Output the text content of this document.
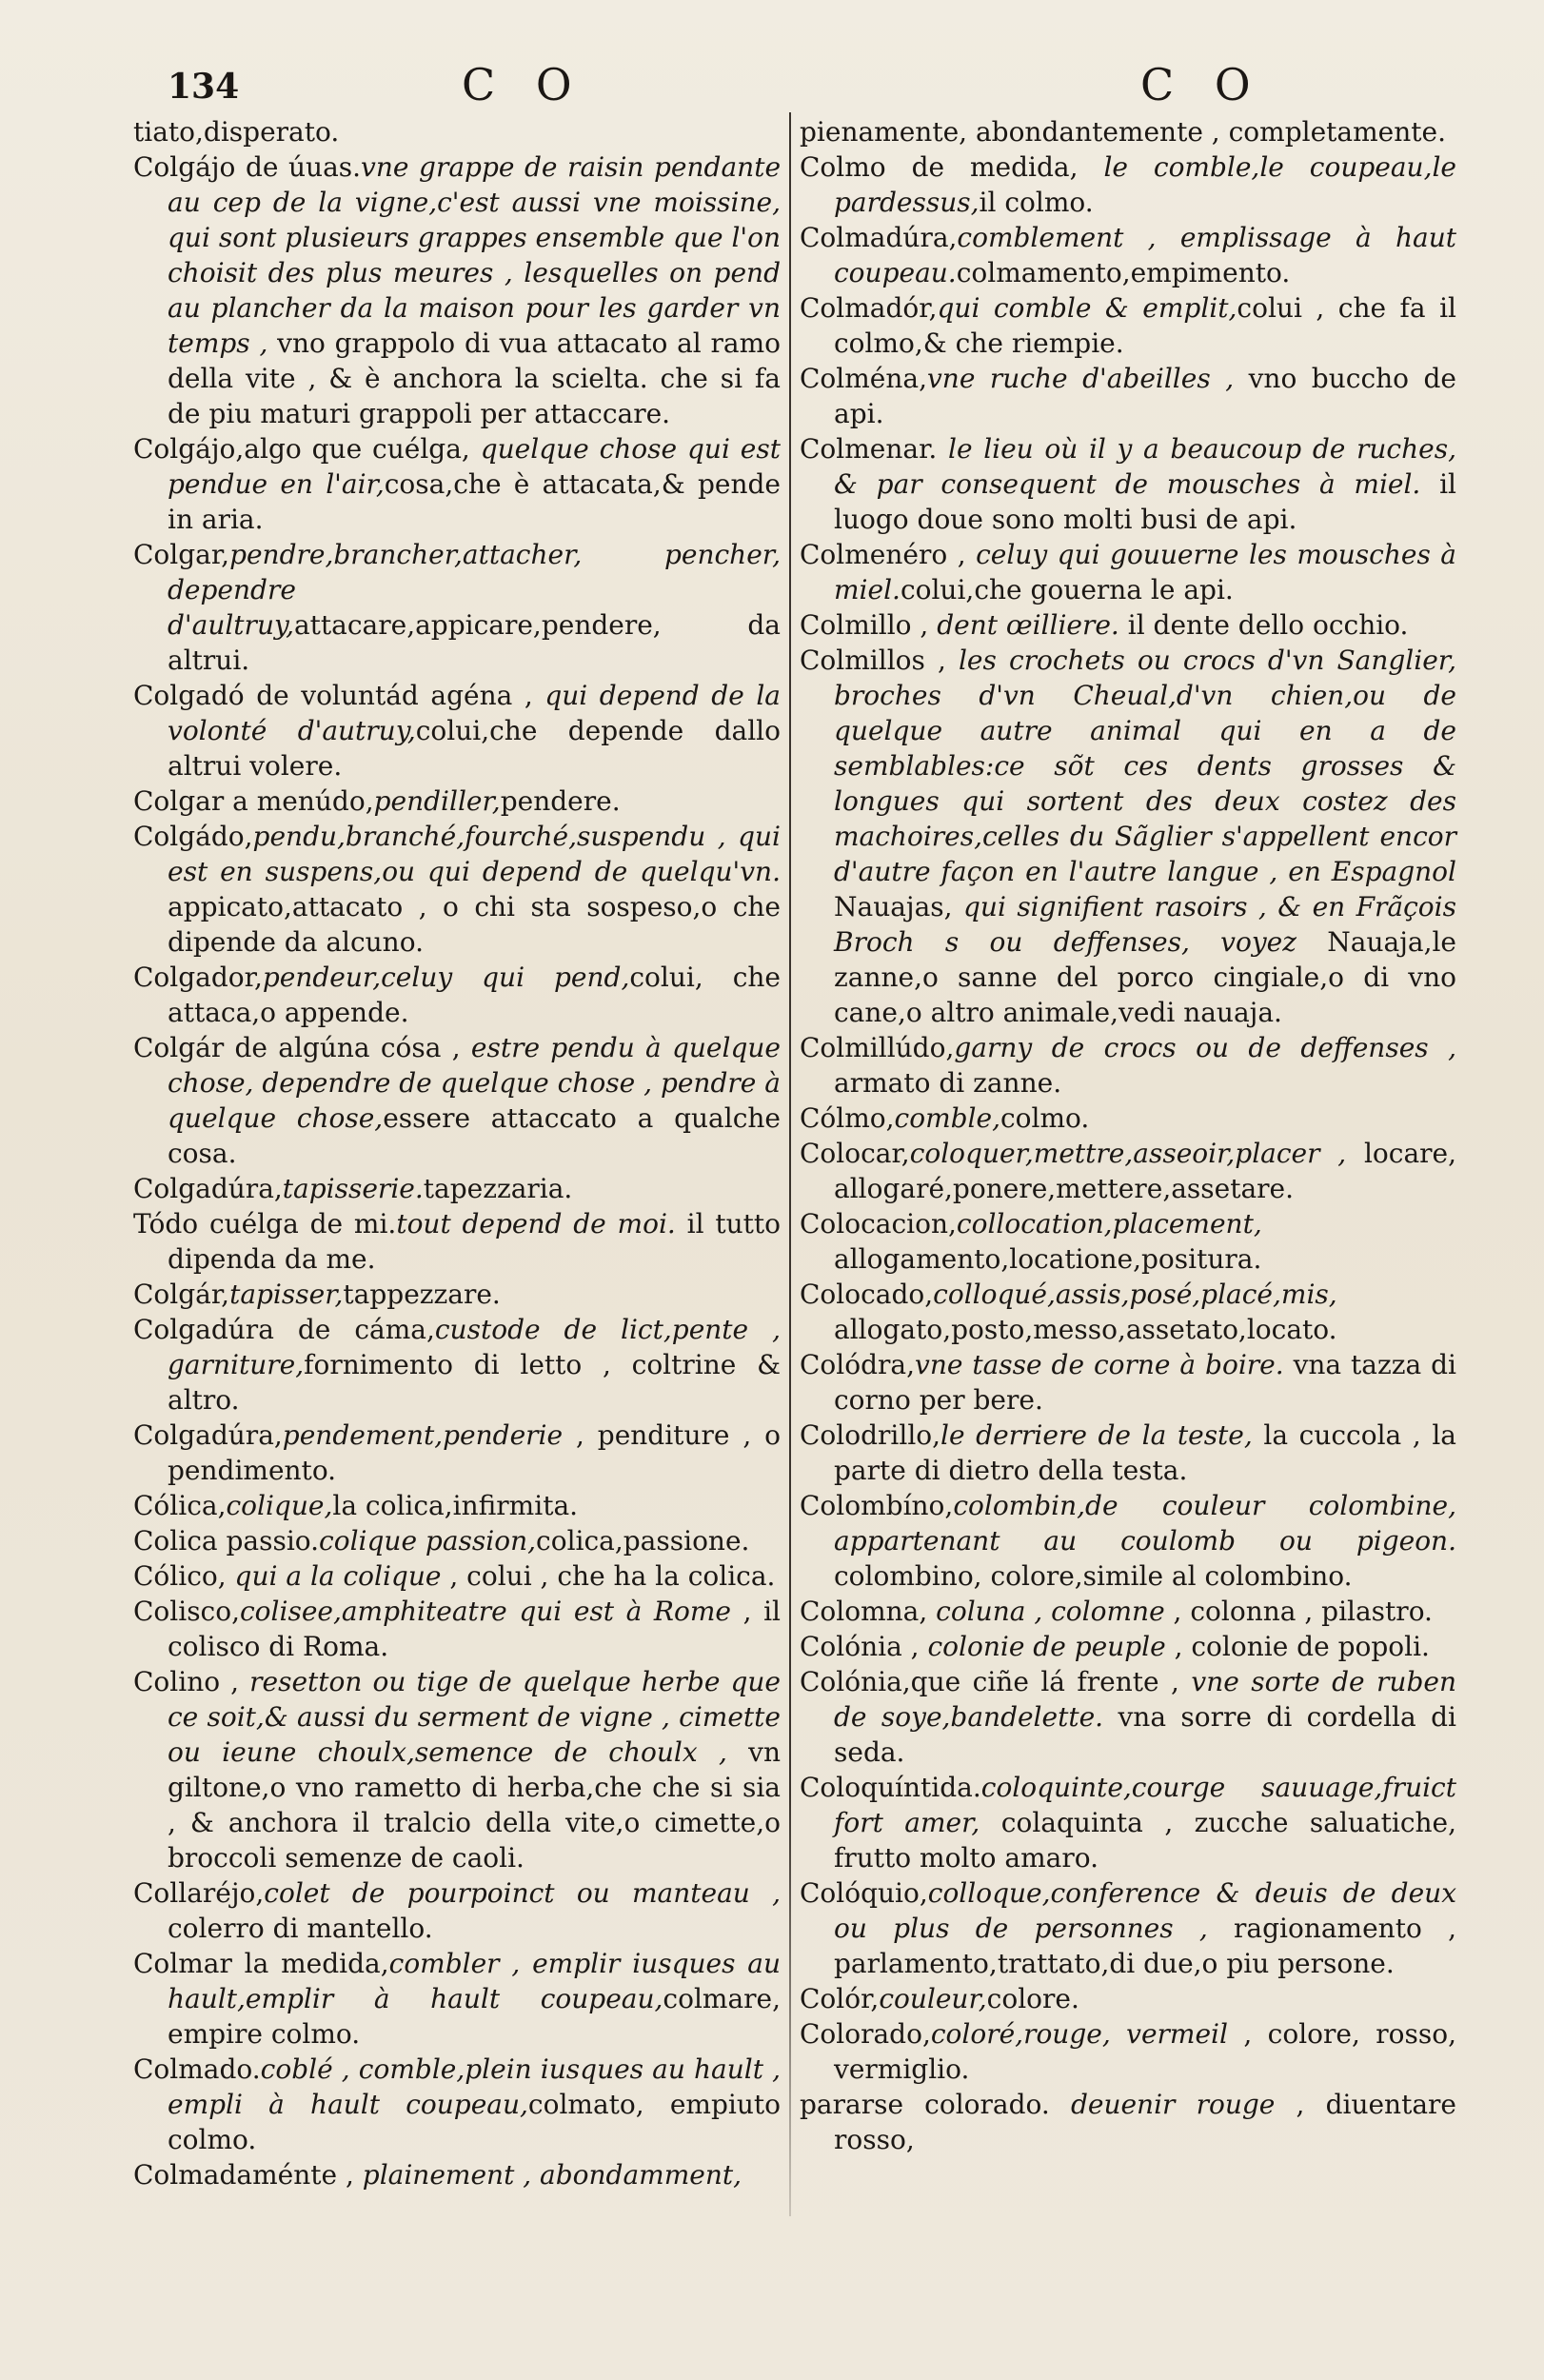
134	C O	C O

tiato,disperato.

Colgájo de úuas.vne grappe de raisin pendante au cep de la vigne,c'est aussi vne moissine, qui sont plusieurs grappes ensemble que l'on choisit des plus meures , lesquelles on pend au plancher da la maison pour les garder vn temps , vno grappolo di vua attacato al ramo della vite , & è anchora la scielta. che si fa de piu maturi grappoli per attaccare.

Colgájo,algo que cuélga, quelque chose qui est pendue en l'air,cosa,che è attacata,& pende in aria.

Colgar,pendre,brancher,attacher, pencher, dependre d'aultruy,attacare,appicare,pendere, da altrui.

Colgadó de voluntád agéna , qui depend de la volonté d'autruy,colui,che depende dallo altrui volere.

Colgar a menúdo,pendiller,pendere.

Colgádo,pendu,branché,fourché,suspendu , qui est en suspens,ou qui depend de quelqu'vn. appicato,attacato , o chi sta sospeso,o che dipende da alcuno.

Colgador,pendeur,celuy qui pend,colui, che attaca,o appende.

Colgár de algúna cósa , estre pendu à quelque chose, dependre de quelque chose , pendre à quelque chose,essere attaccato a qualche cosa.

Colgadúra,tapisserie.tapezzaria.

Tódo cuélga de mi.tout depend de moi. il tutto dipenda da me.

Colgár,tapisser,tappezzare.

Colgadúra de cáma,custode de lict,pente , garniture,fornimento di letto , coltrine & altro.

Colgadúra,pendement,penderie , penditure , o pendimento.

Cólica,colique,la colica,infirmita.

Colica passio.colique passion,colica,passione.

Cólico, qui a la colique , colui , che ha la colica.

Colisco,colisee,amphiteatre qui est à Rome , il colisco di Roma.

Colino , resetton ou tige de quelque herbe que ce soit,& aussi du serment de vigne , cimette ou ieune choulx,semence de choulx , vn giltone,o vno rametto di herba,che che si sia , & anchora il tralcio della vite,o cimette,o broccoli semenze de caoli.

Collaréjo,colet de pourpoinct ou manteau , colerro di mantello.

Colmar la medida,combler , emplir iusques au hault,emplir à hault coupeau,colmare, empire colmo.

Colmado.coblé , comble,plein iusques au hault , empli à hault coupeau,colmato, empiuto colmo.

Colmadaménte , plainement , abondamment,

pienamente, abondantemente , completamente.

Colmo de medida, le comble,le coupeau,le pardessus,il colmo.

Colmadúra,comblement , emplissage à haut coupeau.colmamento,empimento.

Colmadór,qui comble & emplit,colui , che fa il colmo,& che riempie.

Colména,vne ruche d'abeilles , vno buccho de api.

Colmenar. le lieu où il y a beaucoup de ruches, & par consequent de mousches à miel. il luogo doue sono molti busi de api.

Colmenéro , celuy qui gouuerne les mousches à miel.colui,che gouerna le api.

Colmillo , dent œilliere. il dente dello occhio.

Colmillos , les crochets ou crocs d'vn Sanglier, broches d'vn Cheual,d'vn chien,ou de quelque autre animal qui en a de semblables:ce sõt ces dents grosses & longues qui sortent des deux costez des machoires,celles du Sãglier s'appellent encor d'autre façon en l'autre langue , en Espagnol Nauajas, qui signifient rasoirs , & en Frãçois Broch s ou deffenses, voyez Nauaja,le zanne,o sanne del porco cingiale,o di vno cane,o altro animale,vedi nauaja.

Colmillúdo,garny de crocs ou de deffenses , armato di zanne.

Cólmo,comble,colmo.

Colocar,coloquer,mettre,asseoir,placer , locare, allogaré,ponere,mettere,assetare.

Colocacion,collocation,placement, allogamento,locatione,positura.

Colocado,colloqué,assis,posé,placé,mis, allogato,posto,messo,assetato,locato.

Colódra,vne tasse de corne à boire. vna tazza di corno per bere.

Colodrillo,le derriere de la teste, la cuccola , la parte di dietro della testa.

Colombíno,colombin,de couleur colombine, appartenant au coulomb ou pigeon. colombino, colore,simile al colombino.

Colomna, coluna , colomne , colonna , pilastro.

Colónia , colonie de peuple , colonie de popoli.

Colónia,que ciñe lá frente , vne sorte de ruben de soye,bandelette. vna sorre di cordella di seda.

Coloquíntida.coloquinte,courge sauuage,fruict fort amer, colaquinta , zucche saluatiche, frutto molto amaro.

Colóquio,colloque,conference & deuis de deux ou plus de personnes , ragionamento , parlamento,trattato,di due,o piu persone.

Colór,couleur,colore.

Colorado,coloré,rouge, vermeil , colore, rosso, vermiglio.

pararse colorado. deuenir rouge , diuentare rosso,
